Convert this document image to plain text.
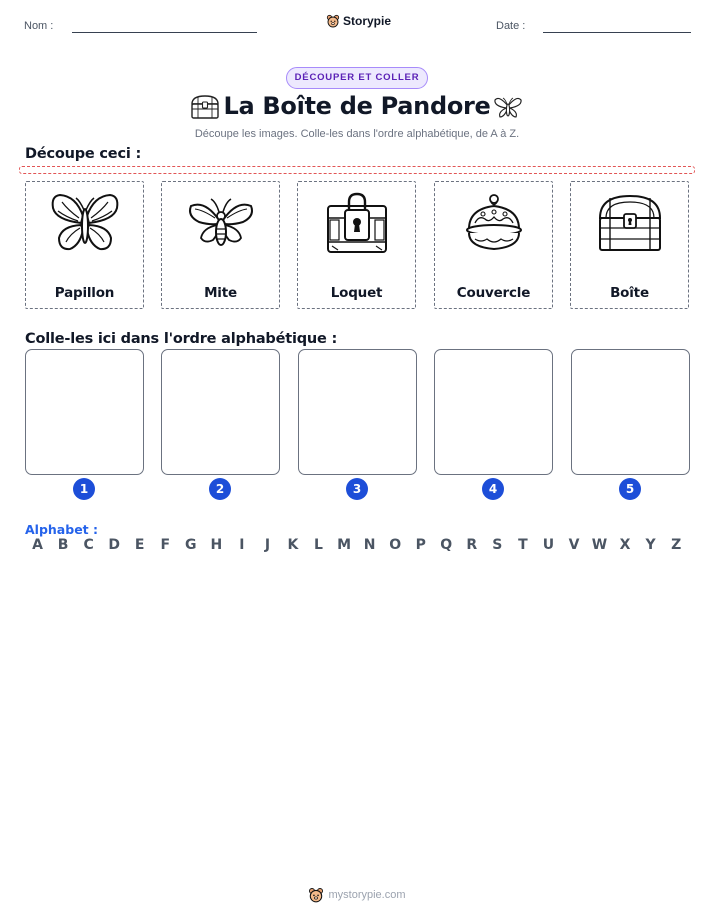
Nom :	Storypie	Date :
DÉCOUPER ET COLLER
La Boîte de Pandore
Découpe les images. Colle-les dans l'ordre alphabétique, de A à Z.
Découpe ceci :
Papillon	Mite	Loquet	Couvercle	Boîte
Colle-les ici dans l'ordre alphabétique :
1	2	3	4	5
Alphabet :
A	B	C	D	E	F	G H	I	J	K	L	M N O	P	Q	R	S	T	U	V W X	Y	Z
mystorypie.com
